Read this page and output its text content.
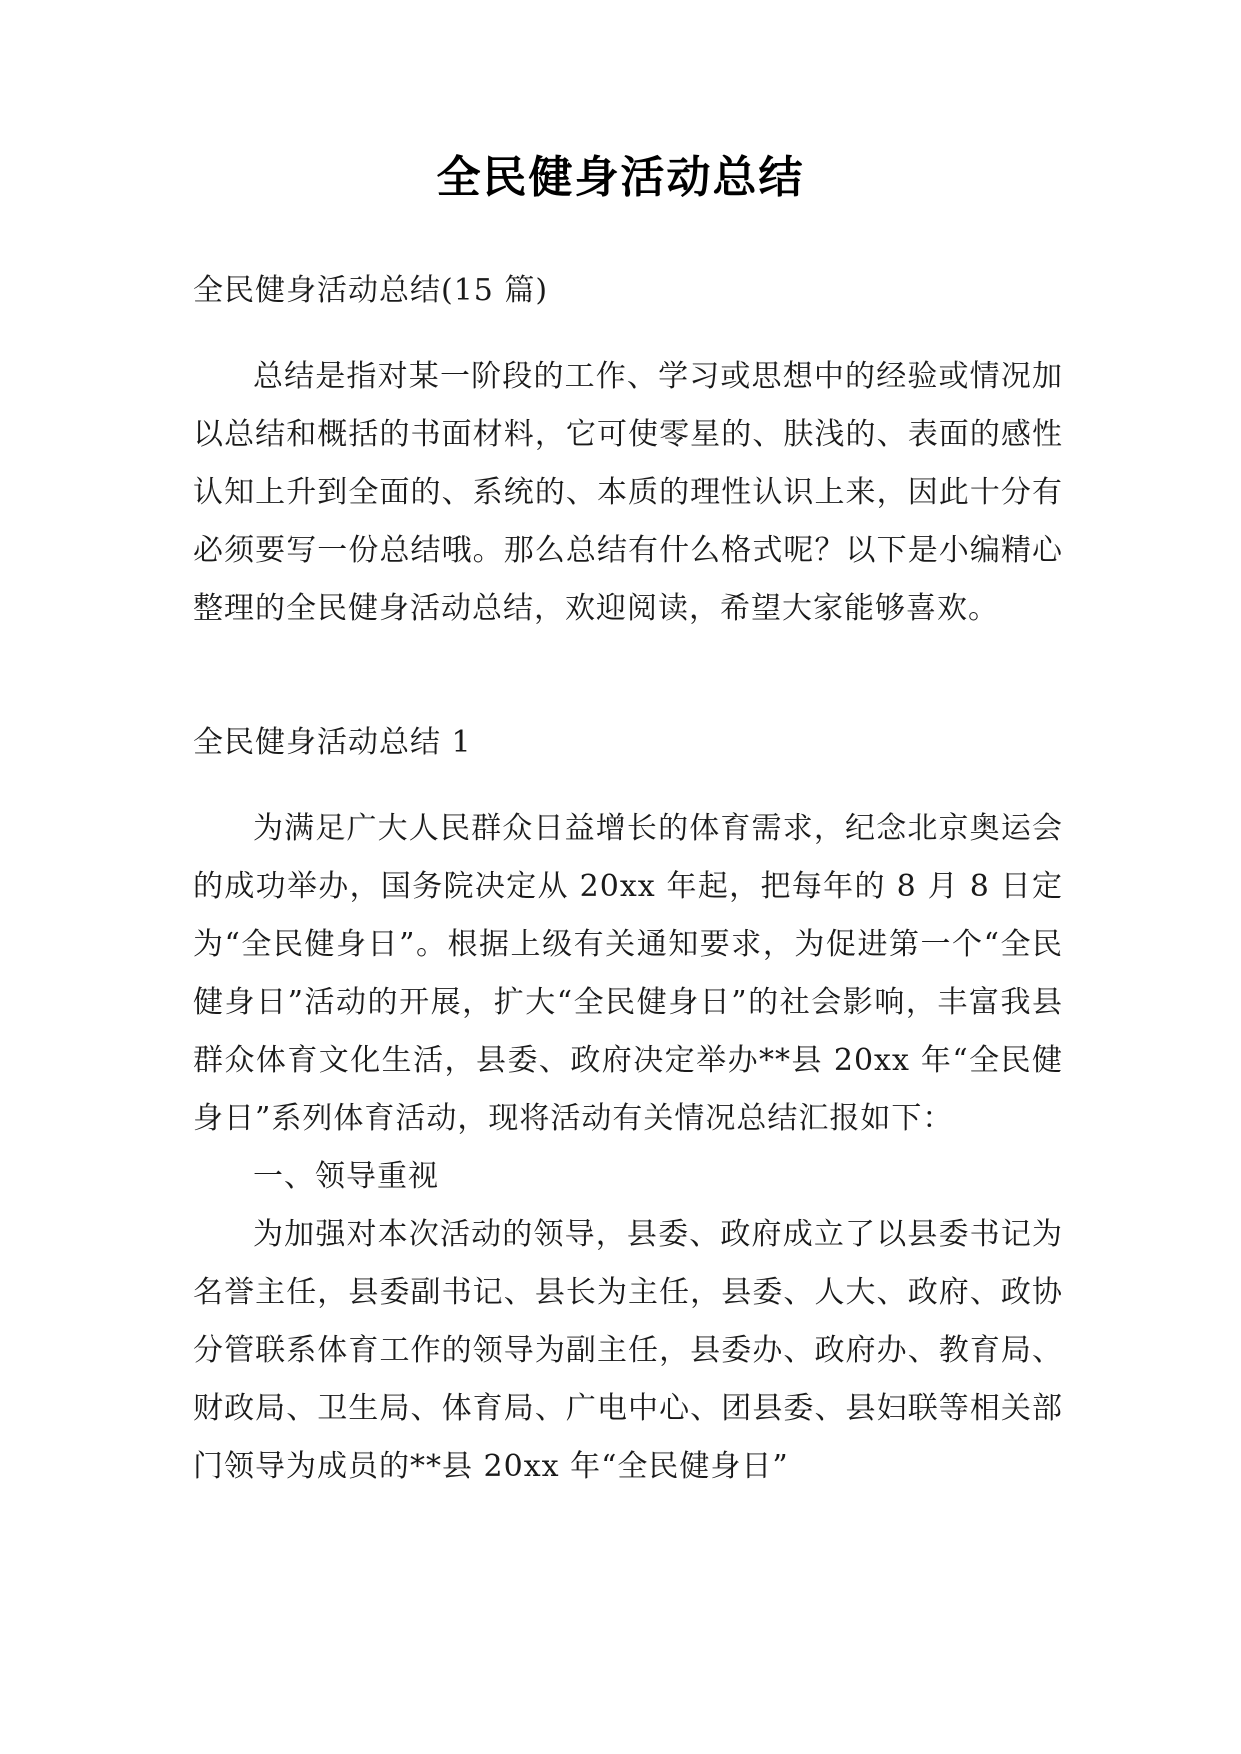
全民健身活动总结
全民健身活动总结(15 篇)

总结是指对某一阶段的工作、学习或思想中的经验或情况加以总结和概括的书面材料，它可使零星的、肤浅的、表面的感性认知上升到全面的、系统的、本质的理性认识上来，因此十分有必须要写一份总结哦。那么总结有什么格式呢？以下是小编精心整理的全民健身活动总结，欢迎阅读，希望大家能够喜欢。

全民健身活动总结 1

为满足广大人民群众日益增长的体育需求，纪念北京奥运会的成功举办，国务院决定从 20xx 年起，把每年的 8 月 8 日定为“全民健身日”。根据上级有关通知要求，为促进第一个“全民健身日”活动的开展，扩大“全民健身日”的社会影响，丰富我县群众体育文化生活，县委、政府决定举办**县 20xx 年“全民健身日”系列体育活动，现将活动有关情况总结汇报如下：

一、领导重视

为加强对本次活动的领导，县委、政府成立了以县委书记为名誉主任，县委副书记、县长为主任，县委、人大、政府、政协分管联系体育工作的领导为副主任，县委办、政府办、教育局、财政局、卫生局、体育局、广电中心、团县委、县妇联等相关部门领导为成员的**县 20xx 年“全民健身日”
